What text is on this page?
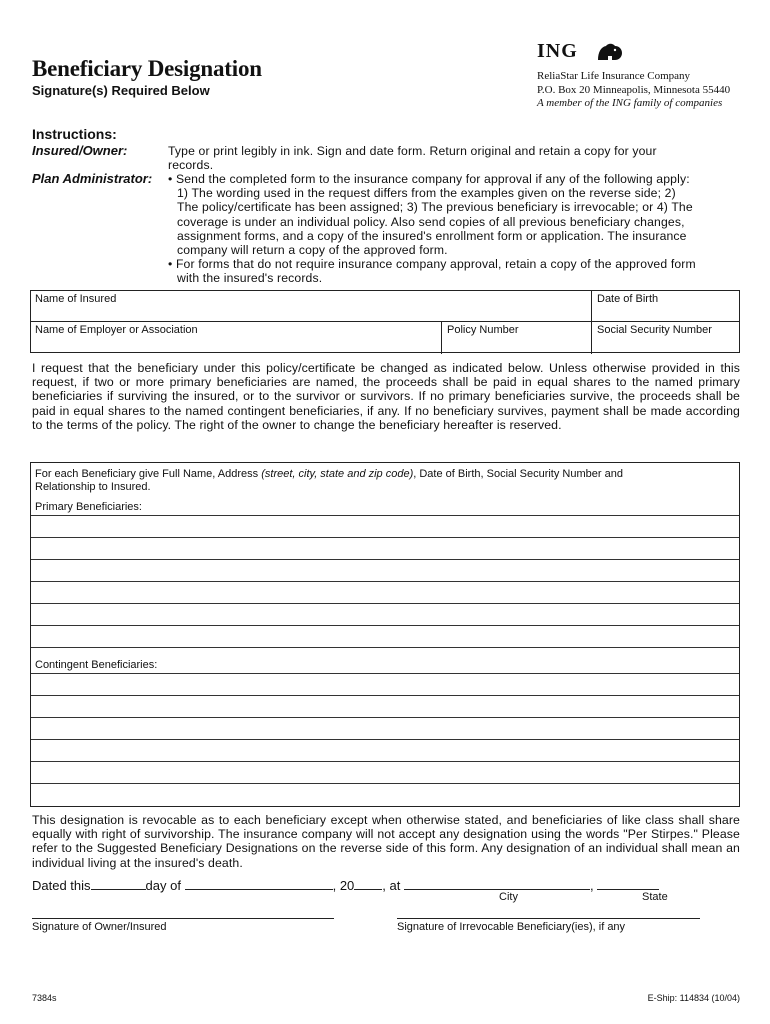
Beneficiary Designation
Signature(s) Required Below
ING
ReliaStar Life Insurance Company
P.O. Box 20 Minneapolis, Minnesota 55440
A member of the ING family of companies
Instructions:
Insured/Owner:	Type or print legibly in ink. Sign and date form. Return original and retain a copy for your
records.
Plan Administrator: • Send the completed form to the insurance company for approval if any of the following apply:
1) The wording used in the request differs from the examples given on the reverse side; 2)
The policy/certificate has been assigned; 3) The previous beneficiary is irrevocable; or 4) The
coverage is under an individual policy. Also send copies of all previous beneficiary changes,
assignment forms, and a copy of the insured's enrollment form or application. The insurance
company will return a copy of the approved form.
• For forms that do not require insurance company approval, retain a copy of the approved form
with the insured's records.
Name of Insured	Date of Birth
Name of Employer or Association	Policy Number	Social Security Number
I request that the beneficiary under this policy/certificate be changed as indicated below. Unless otherwise provided in this request, if two or more primary beneficiaries are named, the proceeds shall be paid in equal shares to the named primary beneficiaries if surviving the insured, or to the survivor or survivors. If no primary beneficiaries survive, the proceeds shall be paid in equal shares to the named contingent beneficiaries, if any. If no beneficiary survives, payment shall be made according to the terms of the policy. The right of the owner to change the beneficiary hereafter is reserved.
For each Beneficiary give Full Name, Address (street, city, state and zip code), Date of Birth, Social Security Number and
Relationship to Insured.
Primary Beneficiaries:
Contingent Beneficiaries:
This designation is revocable as to each beneficiary except when otherwise stated, and beneficiaries of like class shall share equally with right of survivorship. The insurance company will not accept any designation using the words "Per Stirpes." Please refer to the Suggested Beneficiary Designations on the reverse side of this form. Any designation of an individual shall mean an individual living at the insured's death.
Dated this	day of	, 20 , at	,
City	State
Signature of Owner/Insured	Signature of Irrevocable Beneficiary(ies), if any
7384s	E-Ship: 114834 (10/04)
